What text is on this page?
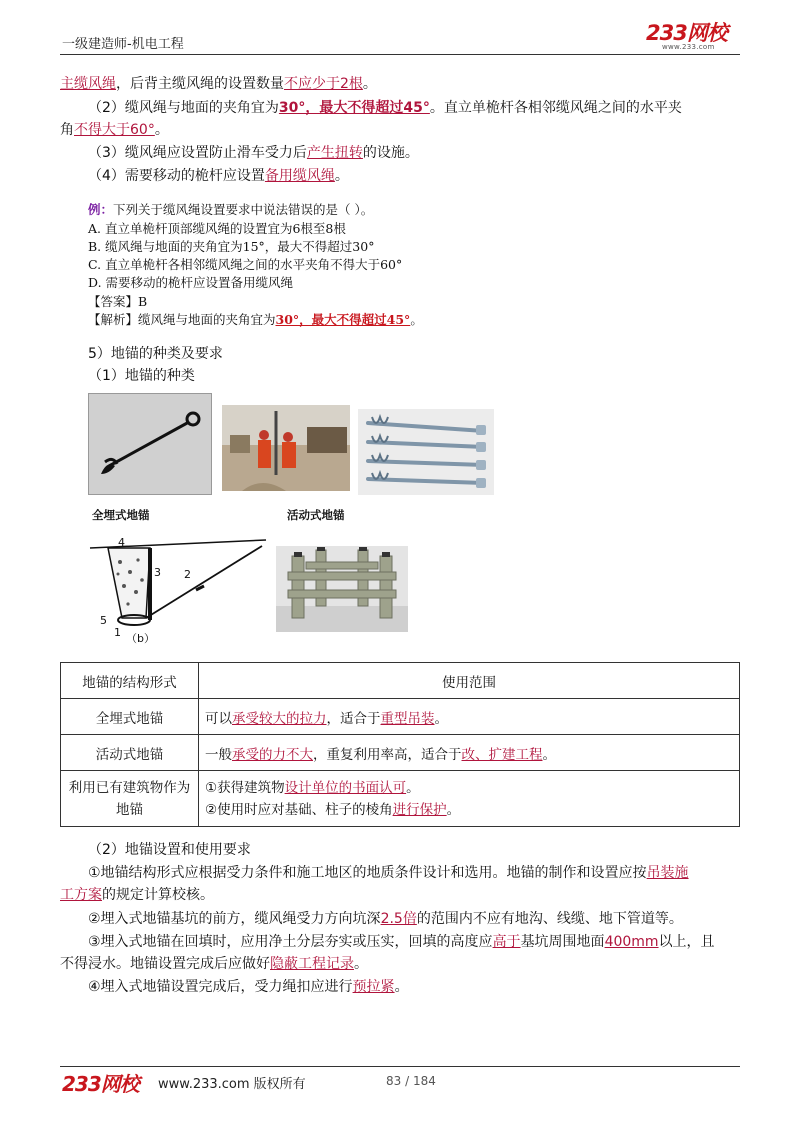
一级建造师-机电工程	233网校
www.233.com
主缆风绳，后背主缆风绳的设置数量不应少于2根。
（2）缆风绳与地面的夹角宜为30°，最大不得超过45°。直立单桅杆各相邻缆风绳之间的水平夹
角不得大于60°。
（3）缆风绳应设置防止滑车受力后产生扭转的设施。
（4）需要移动的桅杆应设置备用缆风绳。
例：下列关于缆风绳设置要求中说法错误的是（ ）。
A. 直立单桅杆顶部缆风绳的设置宜为6根至8根
B. 缆风绳与地面的夹角宜为15°，最大不得超过30°
C. 直立单桅杆各相邻缆风绳之间的水平夹角不得大于60°
D. 需要移动的桅杆应设置备用缆风绳
【答案】B
【解析】缆风绳与地面的夹角宜为30°，最大不得超过45°。
5）地锚的种类及要求
（1）地锚的种类
全埋式地锚	活动式地锚
4
3 2
5
1 （b）
地锚的结构形式	使用范围
全埋式地锚	可以承受较大的拉力，适合于重型吊装。
活动式地锚	一般承受的力不大，重复利用率高，适合于改、扩建工程。
利用已有建筑物作为地锚	①获得建筑物设计单位的书面认可。
②使用时应对基础、柱子的棱角进行保护。
（2）地锚设置和使用要求
①地锚结构形式应根据受力条件和施工地区的地质条件设计和选用。地锚的制作和设置应按吊装施
工方案的规定计算校核。
②埋入式地锚基坑的前方，缆风绳受力方向坑深2.5倍的范围内不应有地沟、线缆、地下管道等。
③埋入式地锚在回填时，应用净土分层夯实或压实，回填的高度应高于基坑周围地面400mm以上，且
不得浸水。地锚设置完成后应做好隐蔽工程记录。
④埋入式地锚设置完成后，受力绳扣应进行预拉紧。
233网校 www.233.com 版权所有	83 / 184
